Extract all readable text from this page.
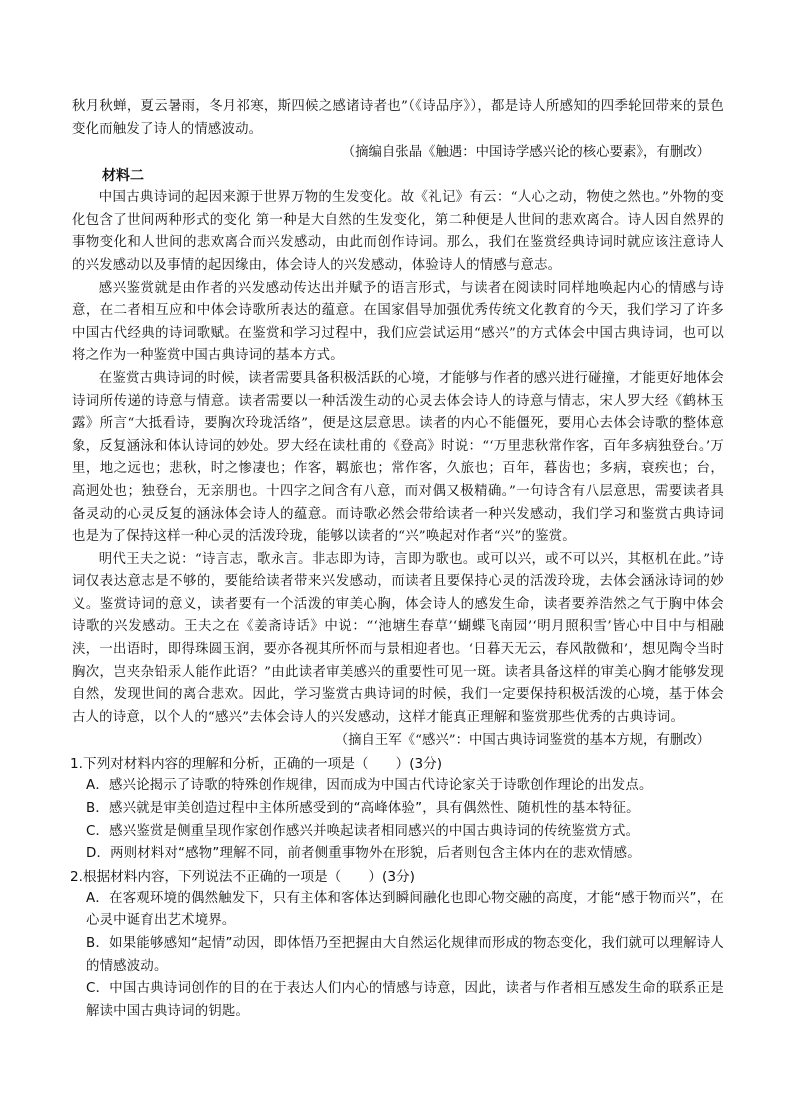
秋月秋蝉，夏云暑雨，冬月祁寒，斯四候之感诸诗者也”（《诗品序》），都是诗人所感知的四季轮回带来的景色变化而触发了诗人的情感波动。

（摘编自张晶《触遇：中国诗学感兴论的核心要素》，有删改）

材料二

中国古典诗词的起因来源于世界万物的生发变化。故《礼记》有云：“人心之动，物使之然也。”外物的变化包含了世间两种形式的变化 第一种是大自然的生发变化，第二种便是人世间的悲欢离合。诗人因自然界的事物变化和人世间的悲欢离合而兴发感动，由此而创作诗词。那么，我们在鉴赏经典诗词时就应该注意诗人的兴发感动以及事情的起因缘由，体会诗人的兴发感动，体验诗人的情感与意志。

感兴鉴赏就是由作者的兴发感动传达出并赋予的语言形式，与读者在阅读时同样地唤起内心的情感与诗意，在二者相互应和中体会诗歌所表达的蕴意。在国家倡导加强优秀传统文化教育的今天，我们学习了许多中国古代经典的诗词歌赋。在鉴赏和学习过程中，我们应尝试运用“感兴”的方式体会中国古典诗词，也可以将之作为一种鉴赏中国古典诗词的基本方式。

在鉴赏古典诗词的时候，读者需要具备积极活跃的心境，才能够与作者的感兴进行碰撞，才能更好地体会诗词所传递的诗意与情意。读者需要以一种活泼生动的心灵去体会诗人的诗意与情志，宋人罗大经《鹤林玉露》所言“大抵看诗，要胸次玲珑活络”，便是这层意思。读者的内心不能僵死，要用心去体会诗歌的整体意象，反复涵泳和体认诗词的妙处。罗大经在读杜甫的《登高》时说：“‘万里悲秋常作客，百年多病独登台。’万里，地之远也；悲秋，时之惨凄也；作客，羁旅也；常作客，久旅也；百年，暮齿也；多病，衰疾也；台，高迥处也；独登台，无亲朋也。十四字之间含有八意，而对偶又极精确。”一句诗含有八层意思，需要读者具备灵动的心灵反复的涵泳体会诗人的蕴意。而诗歌必然会带给读者一种兴发感动，我们学习和鉴赏古典诗词也是为了保持这样一种心灵的活泼玲珑，能够以读者的“兴”唤起对作者“兴”的鉴赏。

明代王夫之说：“诗言志，歌永言。非志即为诗，言即为歌也。或可以兴，或不可以兴，其枢机在此。”诗词仅表达意志是不够的，要能给读者带来兴发感动，而读者且要保持心灵的活泼玲珑，去体会涵泳诗词的妙义。鉴赏诗词的意义，读者要有一个活泼的审美心胸，体会诗人的感发生命，读者要养浩然之气于胸中体会诗歌的兴发感动。王夫之在《姜斋诗话》中说：“‘池塘生春草’‘蝴蝶飞南园’‘明月照积雪’皆心中目中与相融浃，一出语时，即得珠圆玉润，要亦各视其所怀而与景相迎者也。‘日暮天无云，春风散微和’，想见陶令当时胸次，岂夹杂铅汞人能作此语？”由此读者审美感兴的重要性可见一斑。读者具备这样的审美心胸才能够发现自然，发现世间的离合悲欢。因此，学习鉴赏古典诗词的时候，我们一定要保持积极活泼的心境，基于体会古人的诗意，以个人的“感兴”去体会诗人的兴发感动，这样才能真正理解和鉴赏那些优秀的古典诗词。

（摘自王军《“感兴”：中国古典诗词鉴赏的基本方规，有删改）

1.下列对材料内容的理解和分析，正确的一项是（　　）(3分)

A．感兴论揭示了诗歌的特殊创作规律，因而成为中国古代诗论家关于诗歌创作理论的出发点。

B．感兴就是审美创造过程中主体所感受到的“高峰体验”，具有偶然性、随机性的基本特征。

C．感兴鉴赏是侧重呈现作家创作感兴并唤起读者相同感兴的中国古典诗词的传统鉴赏方式。

D．两则材料对“感物”理解不同，前者侧重事物外在形貌，后者则包含主体内在的悲欢情感。

2.根据材料内容，下列说法不正确的一项是（　　）(3分)

A．在客观环境的偶然触发下，只有主体和客体达到瞬间融化也即心物交融的高度，才能“感于物而兴”，在心灵中诞育出艺术境界。

B．如果能够感知“起情”动因，即体悟乃至把握由大自然运化规律而形成的物态变化，我们就可以理解诗人的情感波动。

C．中国古典诗词创作的目的在于表达人们内心的情感与诗意，因此，读者与作者相互感发生命的联系正是解读中国古典诗词的钥匙。
